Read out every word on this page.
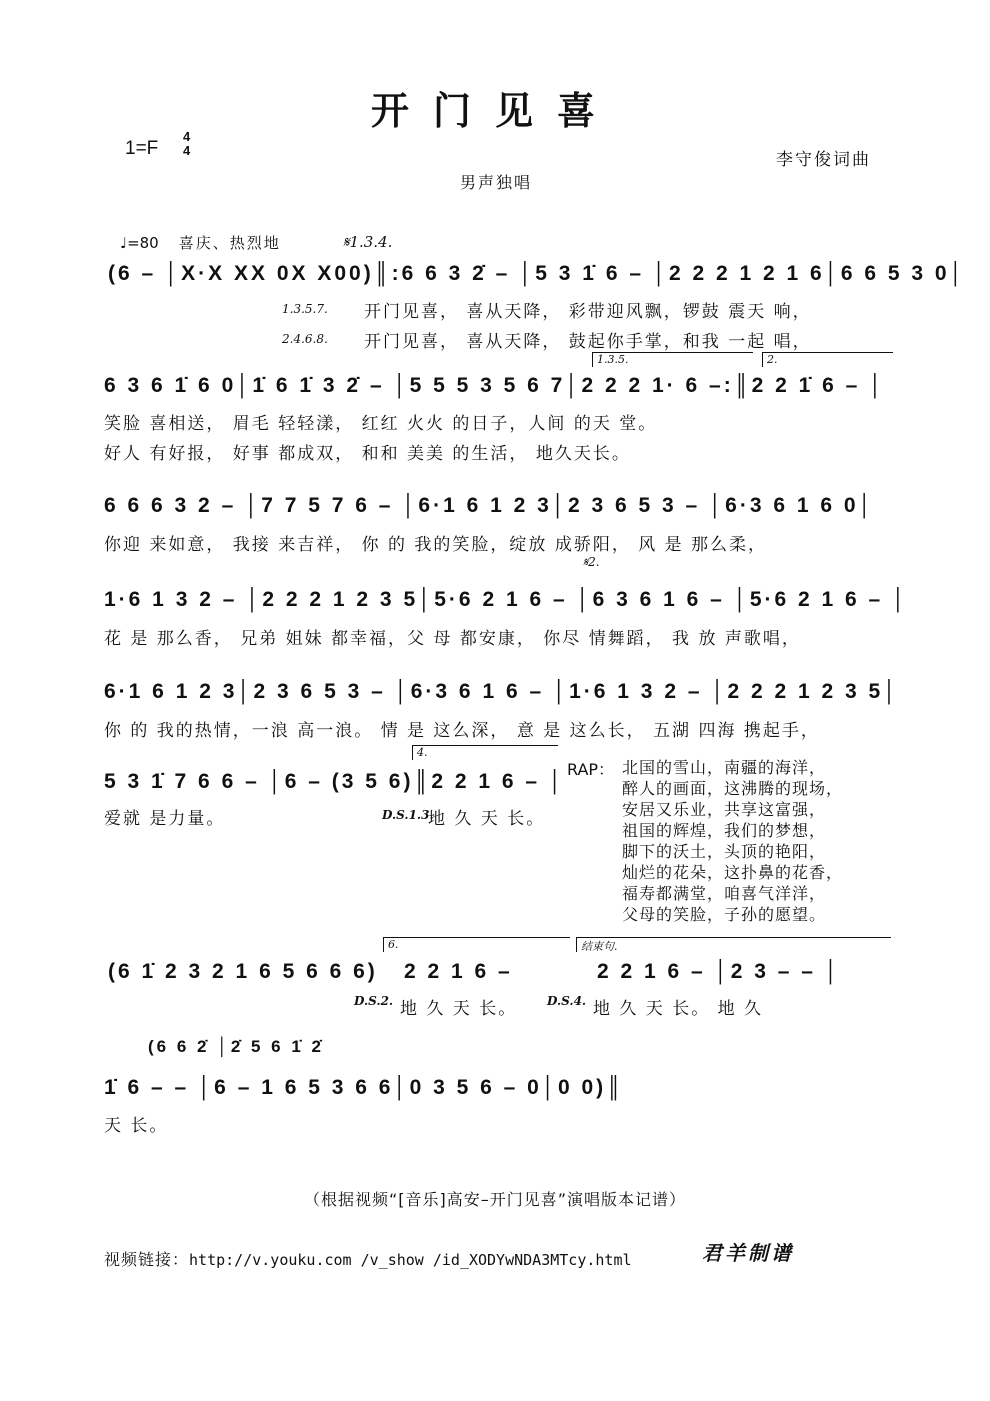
开门见喜
1=F
4
4	李守俊词曲
男声独唱
♩=80 喜庆、热烈地	𝄋1.3.4.
(6 – │X·X XX 0X X00)║:6 6 3 2̇ – │5 3 1̇ 6 – │2 2 2 1 2 1 6│6 6 5 3 0│
1.3.5.7. 开门见喜， 喜从天降， 彩带迎风飘，锣鼓 震天 响，
2.4.6.8. 开门见喜， 喜从天降， 鼓起你手掌，和我 一起 唱，
1.3.5.	2.
6 3 6 1̇ 6 0│1̇ 6 1̇ 3 2̇ – │5 5 5 3 5 6 7│2 2 2 1· 6 –:║2 2 1̇ 6 – │
笑脸 喜相送， 眉毛 轻轻漾， 红红 火火 的日子，人间 的天 堂。
好人 有好报， 好事 都成双， 和和 美美 的生活， 地久天长。
6 6 6 3 2 – │7 7 5 7 6 – │6·1 6 1 2 3│2 3 6 5 3 – │6·3 6 1 6 0│
你迎 来如意， 我接 来吉祥， 你 的 我的笑脸，绽放 成骄阳， 风 是 那么柔，
𝄋2.
1·6 1 3 2 – │2 2 2 1 2 3 5│5·6 2 1 6 – │6 3 6 1 6 – │5·6 2 1 6 – │
花 是 那么香， 兄弟 姐妹 都幸福，父 母 都安康， 你尽 情舞蹈， 我 放 声歌唱，
6·1 6 1 2 3│2 3 6 5 3 – │6·3 6 1 6 – │1·6 1 3 2 – │2 2 2 1 2 3 5│
你 的 我的热情，一浪 高一浪。 情 是 这么深， 意 是 这么长， 五湖 四海 携起手，
4.
5 3 1̇ 7 6 6 – │6 – (3 5 6)║2 2 1 6 – │
爱就 是力量。	D.S.1.3.
地 久 天 长。
RAP： 北国的雪山，南疆的海洋，
醉人的画面，这沸腾的现场，
安居又乐业，共享这富强，
祖国的辉煌，我们的梦想，
脚下的沃土，头顶的艳阳，
灿烂的花朵，这扑鼻的花香，
福寿都满堂，咱喜气洋洋，
父母的笑脸，子孙的愿望。
6.	结束句.
(6 1̇ 2 3 2 1 6 5 6 6 6) 2 2 1 6 –	2 2 1 6 – │2 3 – – │
D.S.2. 地 久 天 长。 D.S.4. 地 久 天 长。 地 久
(6 6 2̇ │2̇ 5 6 1̇ 2̇
1̇ 6 – – │6 – 1 6 5 3 6 6│0 3 5 6 – 0│0 0)║
天 长。
（根据视频“[音乐]高安–开门见喜”演唱版本记谱）
视频链接：http://v.youku.com /v_show /id_XODYwNDA3MTcy.html	君羊制谱
